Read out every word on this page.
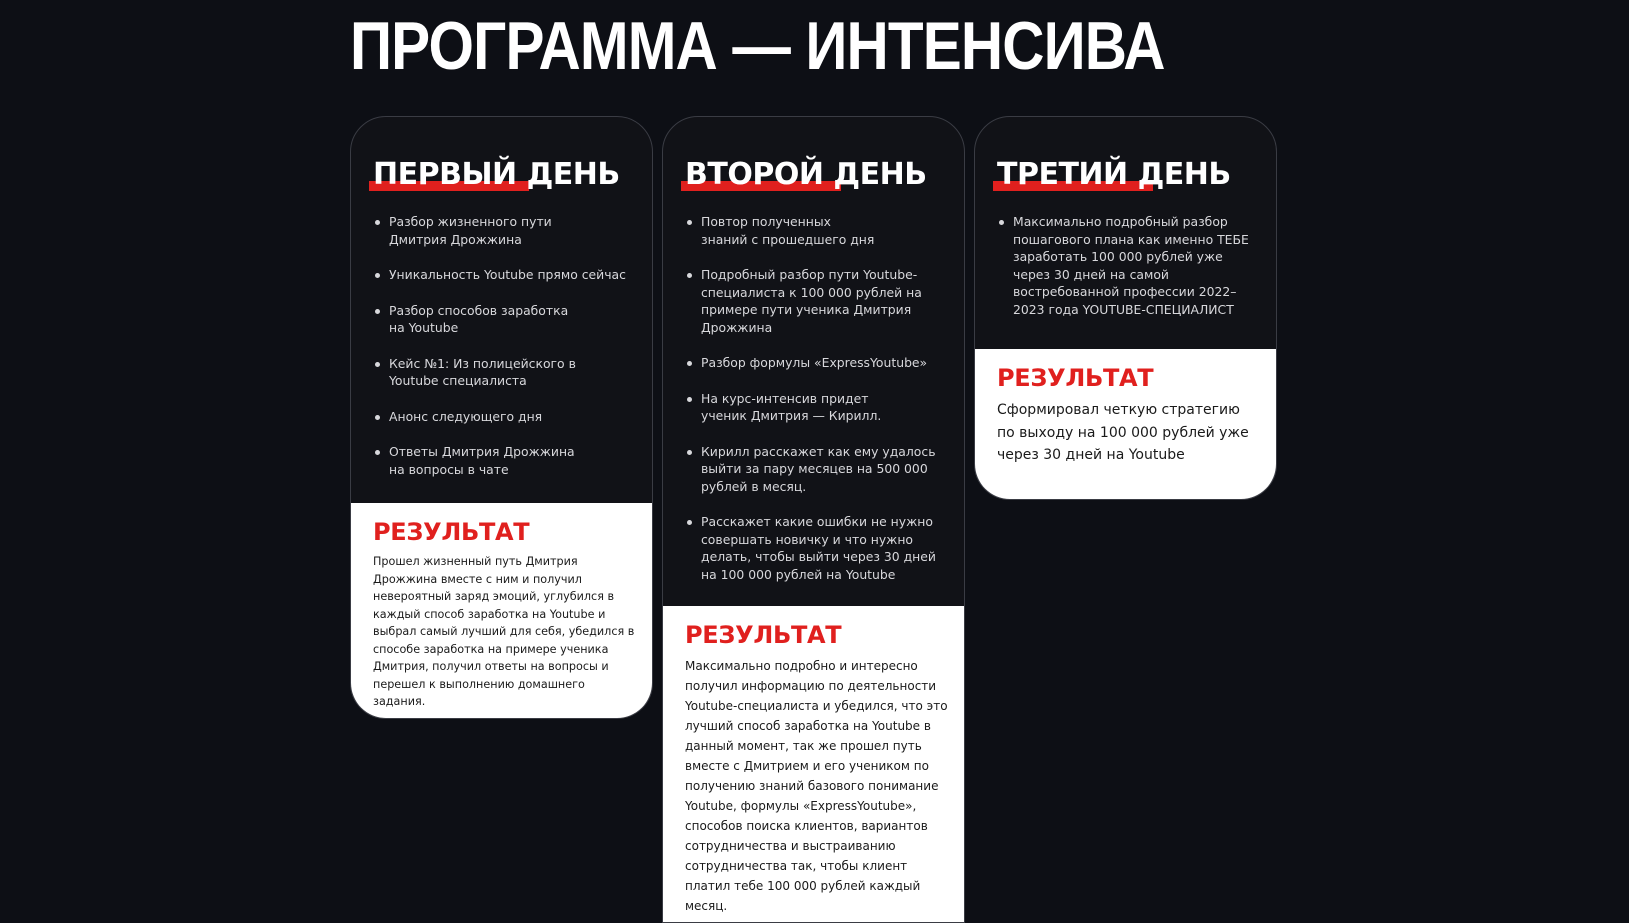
ПРОГРАММА — ИНТЕНСИВА
ПЕРВЫЙ ДЕНЬ
Разбор жизненного пути Дмитрия Дрожжина
Уникальность Youtube прямо сейчас
Разбор способов заработка на Youtube
Кейс №1: Из полицейского в Youtube специалиста
Анонс следующего дня
Ответы Дмитрия Дрожжина на вопросы в чате
РЕЗУЛЬТАТ

Прошел жизненный путь Дмитрия Дрожжина вместе с ним и получил невероятный заряд эмоций, углубился в каждый способ заработка на Youtube и выбрал самый лучший для себя, убедился в способе заработка на примере ученика Дмитрия, получил ответы на вопросы и перешел к выполнению домашнего задания.

ВТОРОЙ ДЕНЬ
Повтор полученных знаний с прошедшего дня
Подробный разбор пути Youtube-специалиста к 100 000 рублей на примере пути ученика Дмитрия Дрожжина
Разбор формулы «ExpressYoutube»
На курс-интенсив придет ученик Дмитрия — Кирилл.
Кирилл расскажет как ему удалось выйти за пару месяцев на 500 000 рублей в месяц.
Расскажет какие ошибки не нужно совершать новичку и что нужно делать, чтобы выйти через 30 дней на 100 000 рублей на Youtube
РЕЗУЛЬТАТ

Максимально подробно и интересно получил информацию по деятельности Youtube-специалиста и убедился, что это лучший способ заработка на Youtube в данный момент, так же прошел путь вместе с Дмитрием и его учеником по получению знаний базового понимание Youtube, формулы «ExpressYoutube», способов поиска клиентов, вариантов сотрудничества и выстраиванию сотрудничества так, чтобы клиент платил тебе 100 000 рублей каждый месяц.

ТРЕТИЙ ДЕНЬ
Максимально подробный разбор пошагового плана как именно ТЕБЕ заработать 100 000 рублей уже через 30 дней на самой востребованной профессии 2022–2023 года YOUTUBE-СПЕЦИАЛИСТ
РЕЗУЛЬТАТ

Сформировал четкую стратегию по выходу на 100 000 рублей уже через 30 дней на Youtube
